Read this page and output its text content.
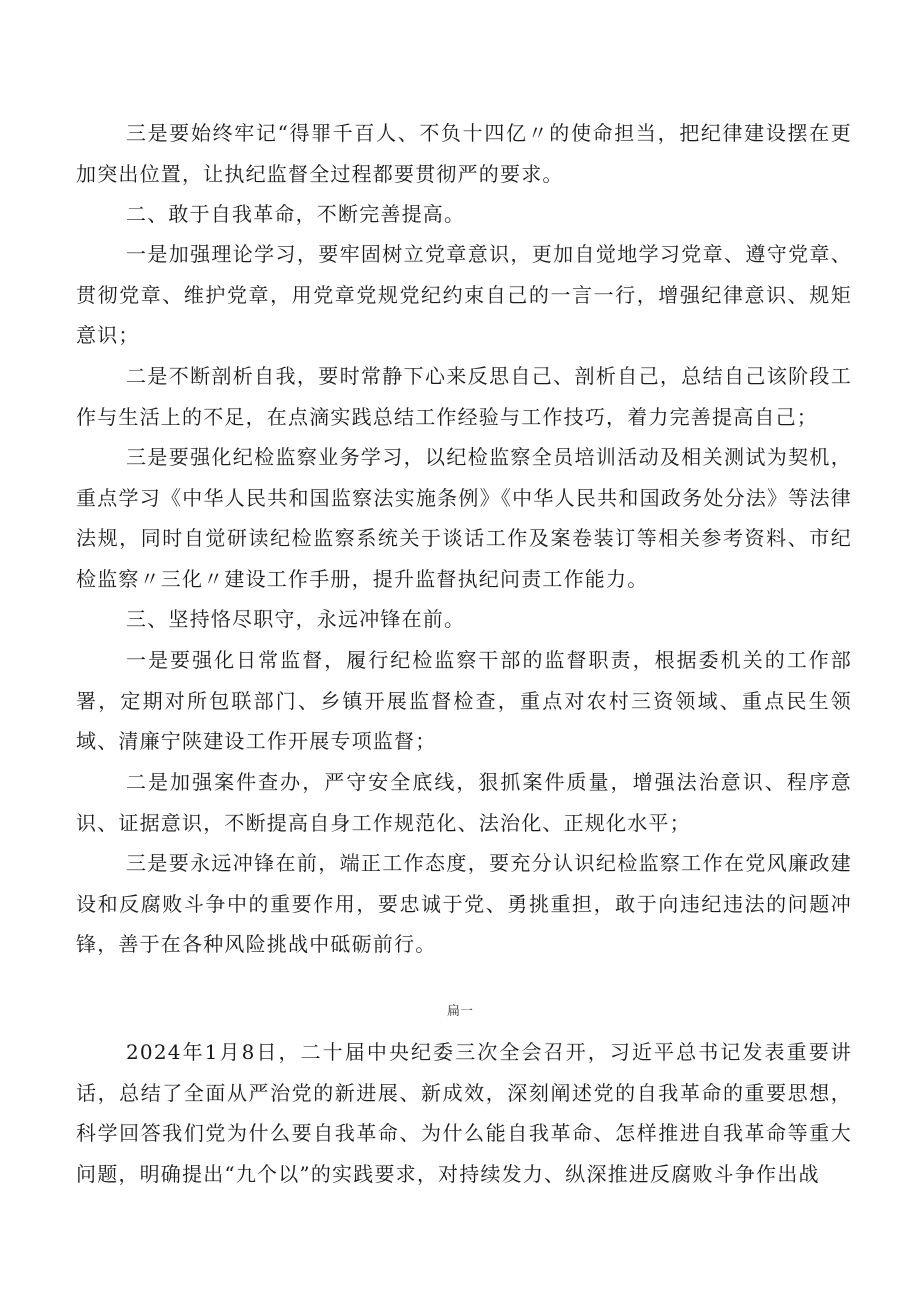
三是要始终牢记“得罪千百人、不负十四亿〃的使命担当，把纪律建设摆在更加突出位置，让执纪监督全过程都要贯彻严的要求。

二、敢于自我革命，不断完善提高。

一是加强理论学习，要牢固树立党章意识，更加自觉地学习党章、遵守党章、贯彻党章、维护党章，用党章党规党纪约束自己的一言一行，增强纪律意识、规矩意识；

二是不断剖析自我，要时常静下心来反思自己、剖析自己，总结自己该阶段工作与生活上的不足，在点滴实践总结工作经验与工作技巧，着力完善提高自己；

三是要强化纪检监察业务学习，以纪检监察全员培训活动及相关测试为契机，重点学习《中华人民共和国监察法实施条例》《中华人民共和国政务处分法》等法律法规，同时自觉研读纪检监察系统关于谈话工作及案卷装订等相关参考资料、市纪检监察〃三化〃建设工作手册，提升监督执纪问责工作能力。

三、坚持恪尽职守，永远冲锋在前。

一是要强化日常监督，履行纪检监察干部的监督职责，根据委机关的工作部署，定期对所包联部门、乡镇开展监督检查，重点对农村三资领域、重点民生领域、清廉宁陕建设工作开展专项监督；

二是加强案件查办，严守安全底线，狠抓案件质量，增强法治意识、程序意识、证据意识，不断提高自身工作规范化、法治化、正规化水平；

三是要永远冲锋在前，端正工作态度，要充分认识纪检监察工作在党风廉政建设和反腐败斗争中的重要作用，要忠诚于党、勇挑重担，敢于向违纪违法的问题冲锋，善于在各种风险挑战中砥砺前行。

扁一

2024年1月8日，二十届中央纪委三次全会召开，习近平总书记发表重要讲话，总结了全面从严治党的新进展、新成效，深刻阐述党的自我革命的重要思想，科学回答我们党为什么要自我革命、为什么能自我革命、怎样推进自我革命等重大问题，明确提出“九个以”的实践要求，对持续发力、纵深推进反腐败斗争作出战
